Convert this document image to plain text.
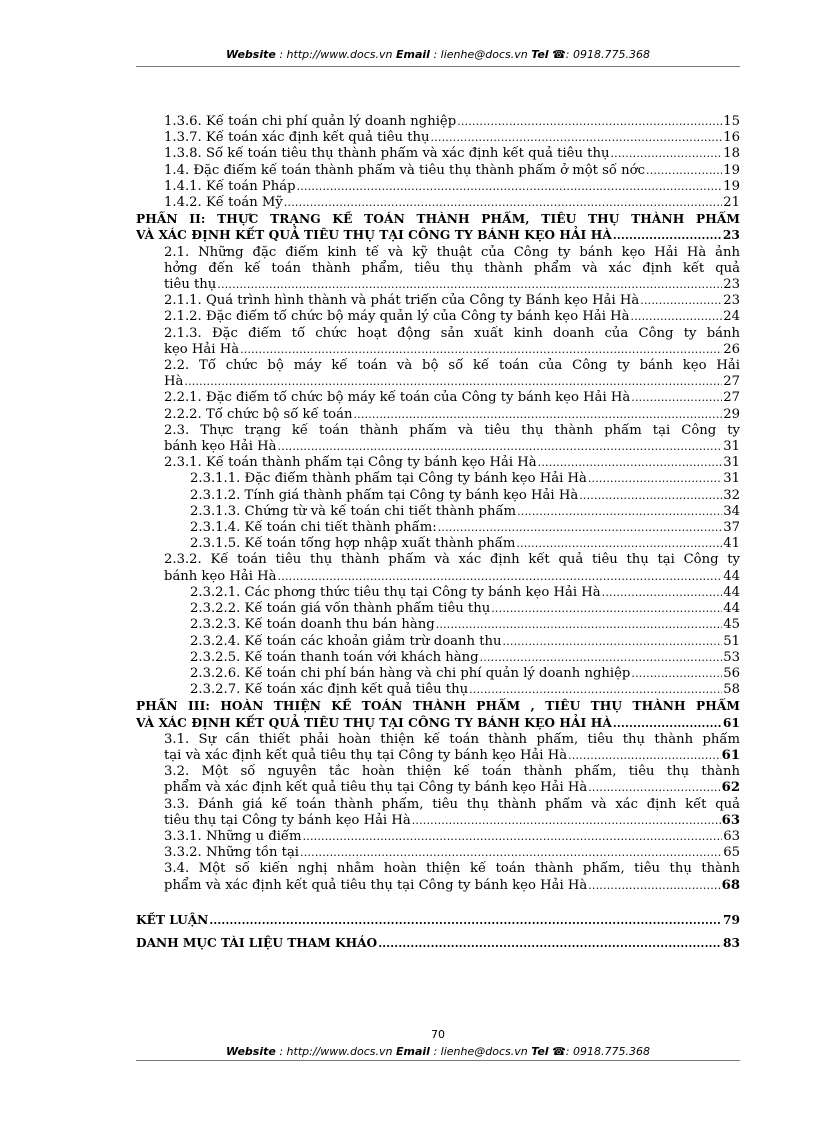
Website : http://www.docs.vn Email : lienhe@docs.vn Tel ☎: 0918.775.368
1.3.6. Kế toán chi phí quản lý doanh nghiệp .....	15
1.3.7. Kế toán xác định kết quả tiêu thụ .....	16
1.3.8. Sổ kế toán tiêu thụ thành phẩm và xác định kết quả tiêu thụ .....	18
1.4. Đặc điểm kế toán thành phẩm và tiêu thụ thành phẩm ở một số nớc .....	19
1.4.1. Kế toán Pháp .....	19
1.4.2. Kế toán Mỹ .....	21
PHẦN II: THỰC TRẠNG KẾ TOÁN THÀNH PHẨM, TIÊU THỤ THÀNH PHẨM
VÀ XÁC ĐỊNH KẾT QUẢ TIÊU THỤ TẠI CÔNG TY BÁNH KẸO HẢI HÀ .....	23
2.1. Những đặc điểm kinh tế và kỹ thuật của Công ty bánh kẹo Hải Hà ảnh
hởng đến kế toán thành phẩm, tiêu thụ thành phẩm và xác định kết quả
tiêu thụ .....	23
2.1.1. Quá trình hình thành và phát triển của Công ty Bánh kẹo Hải Hà .....	23
2.1.2. Đặc điểm tổ chức bộ máy quản lý của Công ty bánh kẹo Hải Hà .....	24
2.1.3. Đặc điểm tổ chức hoạt động sản xuất kinh doanh của Công ty bánh
kẹo Hải Hà .....	26
2.2. Tổ chức bộ máy kế toán và bộ sổ kế toán của Công ty bánh kẹo Hải
Hà .....	27
2.2.1. Đặc điểm tổ chức bộ máy kế toán của Công ty bánh kẹo Hải Hà .....	27
2.2.2. Tổ chức bộ sổ kế toán .....	29
2.3. Thực trạng kế toán thành phẩm và tiêu thụ thành phẩm tại Công ty
bánh kẹo Hải Hà .....	31
2.3.1. Kế toán thành phẩm tại Công ty bánh kẹo Hải Hà .....	31
2.3.1.1. Đặc điểm thành phẩm tại Công ty bánh kẹo Hải Hà .....	31
2.3.1.2. Tính giá thành phẩm tại Công ty bánh kẹo Hải Hà .....	32
2.3.1.3. Chứng từ và kế toán chi tiết thành phẩm .....	34
2.3.1.4. Kế toán chi tiết thành phẩm: .....	37
2.3.1.5. Kế toán tổng hợp nhập xuất thành phẩm .....	41
2.3.2. Kế toán tiêu thụ thành phẩm và xác định kết quả tiêu thụ tại Công ty
bánh kẹo Hải Hà .....	44
2.3.2.1. Các phơng thức tiêu thụ tại Công ty bánh kẹo Hải Hà .....	44
2.3.2.2. Kế toán giá vốn thành phẩm tiêu thụ .....	44
2.3.2.3. Kế toán doanh thu bán hàng .....	45
2.3.2.4. Kế toán các khoản giảm trừ doanh thu .....	51
2.3.2.5. Kế toán thanh toán với khách hàng .....	53
2.3.2.6. Kế toán chi phí bán hàng và chi phí quản lý doanh nghiệp .....	56
2.3.2.7. Kế toán xác định kết quả tiêu thụ .....	58
PHẦN III: HOÀN THIỆN KẾ TOÁN THÀNH PHẨM , TIÊU THỤ THÀNH PHẨM
VÀ XÁC ĐỊNH KẾT QUẢ TIÊU THỤ TẠI CÔNG TY BÁNH KẸO HẢI HÀ .....	61
3.1. Sự cần thiết phải hoàn thiện kế toán thành phẩm, tiêu thụ thành phẩm
tại và xác định kết quả tiêu thụ tại Công ty bánh kẹo Hải Hà .....	61
3.2. Một số nguyên tắc hoàn thiện kế toán thành phẩm, tiêu thụ thành
phẩm và xác định kết quả tiêu thụ tại Công ty bánh kẹo Hải Hà .....	62
3.3. Đánh giá kế toán thành phẩm, tiêu thụ thành phẩm và xác định kết quả
tiêu thụ tại Công ty bánh kẹo Hải Hà .....	63
3.3.1. Những u điểm .....	63
3.3.2. Những tồn tại .....	65
3.4. Một số kiến nghị nhằm hoàn thiện kế toán thành phẩm, tiêu thụ thành
phẩm và xác định kết quả tiêu thụ tại Công ty bánh kẹo Hải Hà .....	68
KẾT LUẬN .....	79
DANH MỤC TÀI LIỆU THAM KHẢO .....	83
70
Website : http://www.docs.vn Email : lienhe@docs.vn Tel ☎: 0918.775.368
